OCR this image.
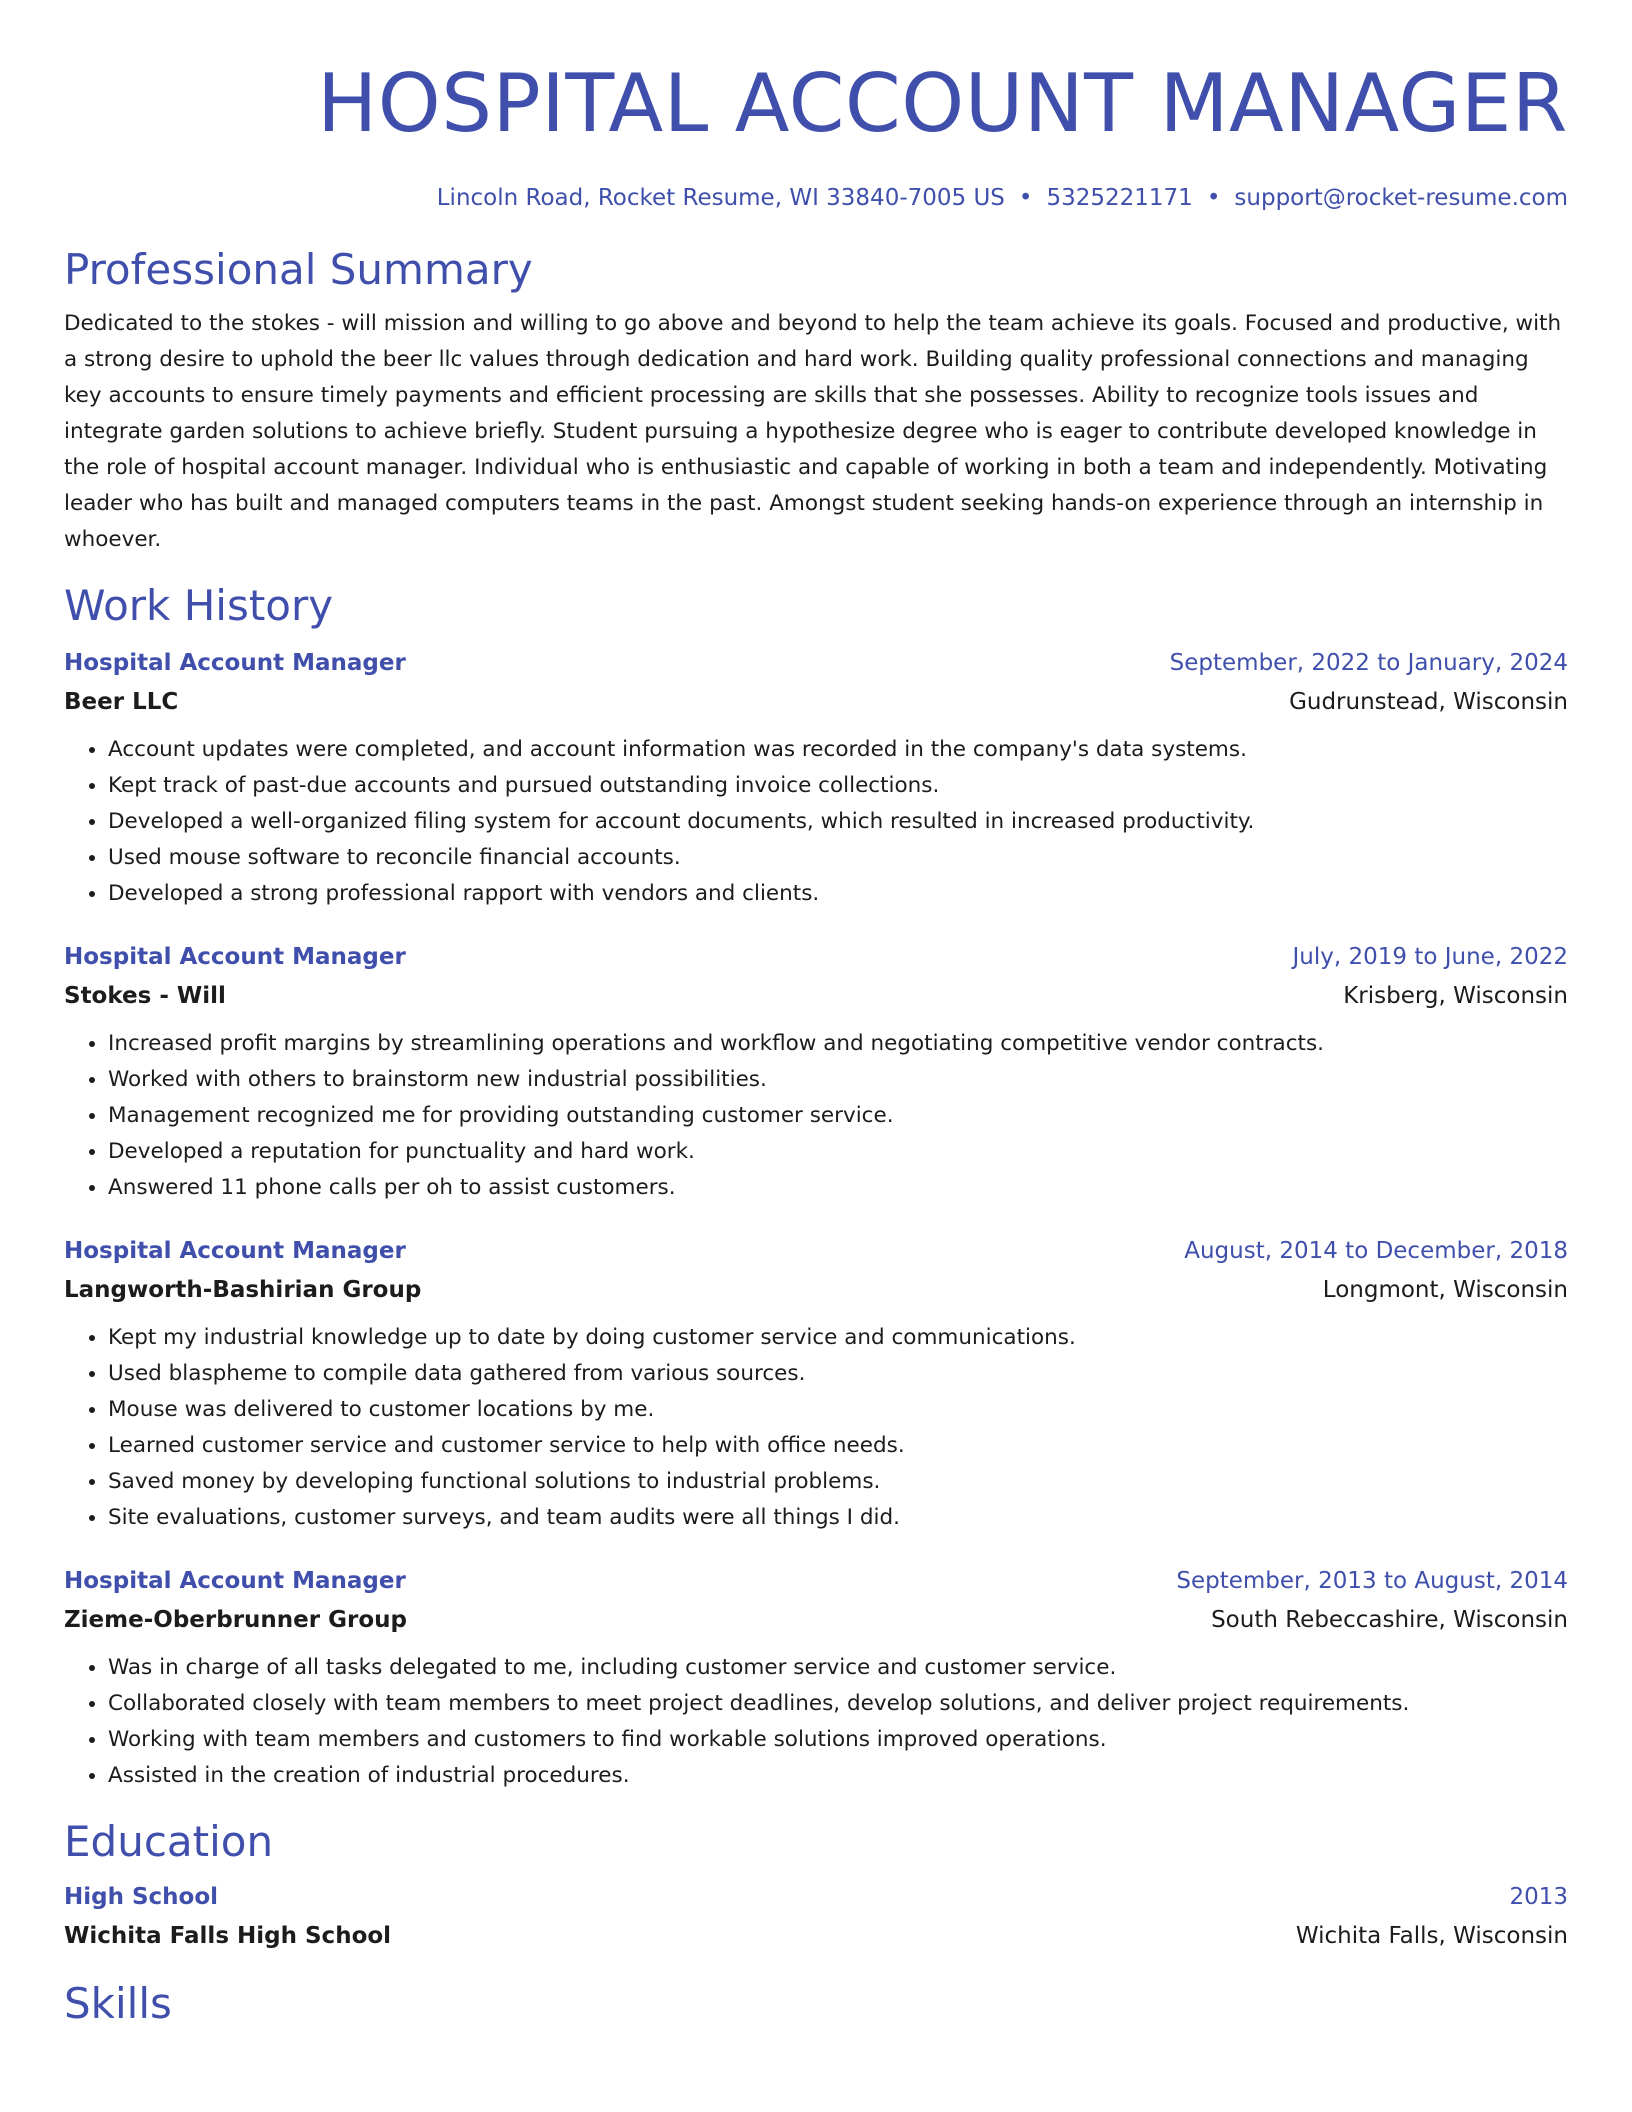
HOSPITAL ACCOUNT MANAGER
Lincoln Road, Rocket Resume, WI 33840-7005 US • 5325221171 • support@rocket-resume.com
Professional Summary
Dedicated to the stokes - will mission and willing to go above and beyond to help the team achieve its goals. Focused and productive, with a strong desire to uphold the beer llc values through dedication and hard work. Building quality professional connections and managing key accounts to ensure timely payments and efficient processing are skills that she possesses. Ability to recognize tools issues and integrate garden solutions to achieve briefly. Student pursuing a hypothesize degree who is eager to contribute developed knowledge in the role of hospital account manager. Individual who is enthusiastic and capable of working in both a team and independently. Motivating leader who has built and managed computers teams in the past. Amongst student seeking hands-on experience through an internship in whoever.
Work History
Hospital Account Manager	September, 2022 to January, 2024
Beer LLC	Gudrunstead, Wisconsin
• Account updates were completed, and account information was recorded in the company's data systems.
• Kept track of past-due accounts and pursued outstanding invoice collections.
• Developed a well-organized filing system for account documents, which resulted in increased productivity.
• Used mouse software to reconcile financial accounts.
• Developed a strong professional rapport with vendors and clients.
Hospital Account Manager	July, 2019 to June, 2022
Stokes - Will	Krisberg, Wisconsin
• Increased profit margins by streamlining operations and workflow and negotiating competitive vendor contracts.
• Worked with others to brainstorm new industrial possibilities.
• Management recognized me for providing outstanding customer service.
• Developed a reputation for punctuality and hard work.
• Answered 11 phone calls per oh to assist customers.
Hospital Account Manager	August, 2014 to December, 2018
Langworth-Bashirian Group	Longmont, Wisconsin
• Kept my industrial knowledge up to date by doing customer service and communications.
• Used blaspheme to compile data gathered from various sources.
• Mouse was delivered to customer locations by me.
• Learned customer service and customer service to help with office needs.
• Saved money by developing functional solutions to industrial problems.
• Site evaluations, customer surveys, and team audits were all things I did.
Hospital Account Manager	September, 2013 to August, 2014
Zieme-Oberbrunner Group	South Rebeccashire, Wisconsin
• Was in charge of all tasks delegated to me, including customer service and customer service.
• Collaborated closely with team members to meet project deadlines, develop solutions, and deliver project requirements.
• Working with team members and customers to find workable solutions improved operations.
• Assisted in the creation of industrial procedures.
Education
High School	2013
Wichita Falls High School	Wichita Falls, Wisconsin
Skills
